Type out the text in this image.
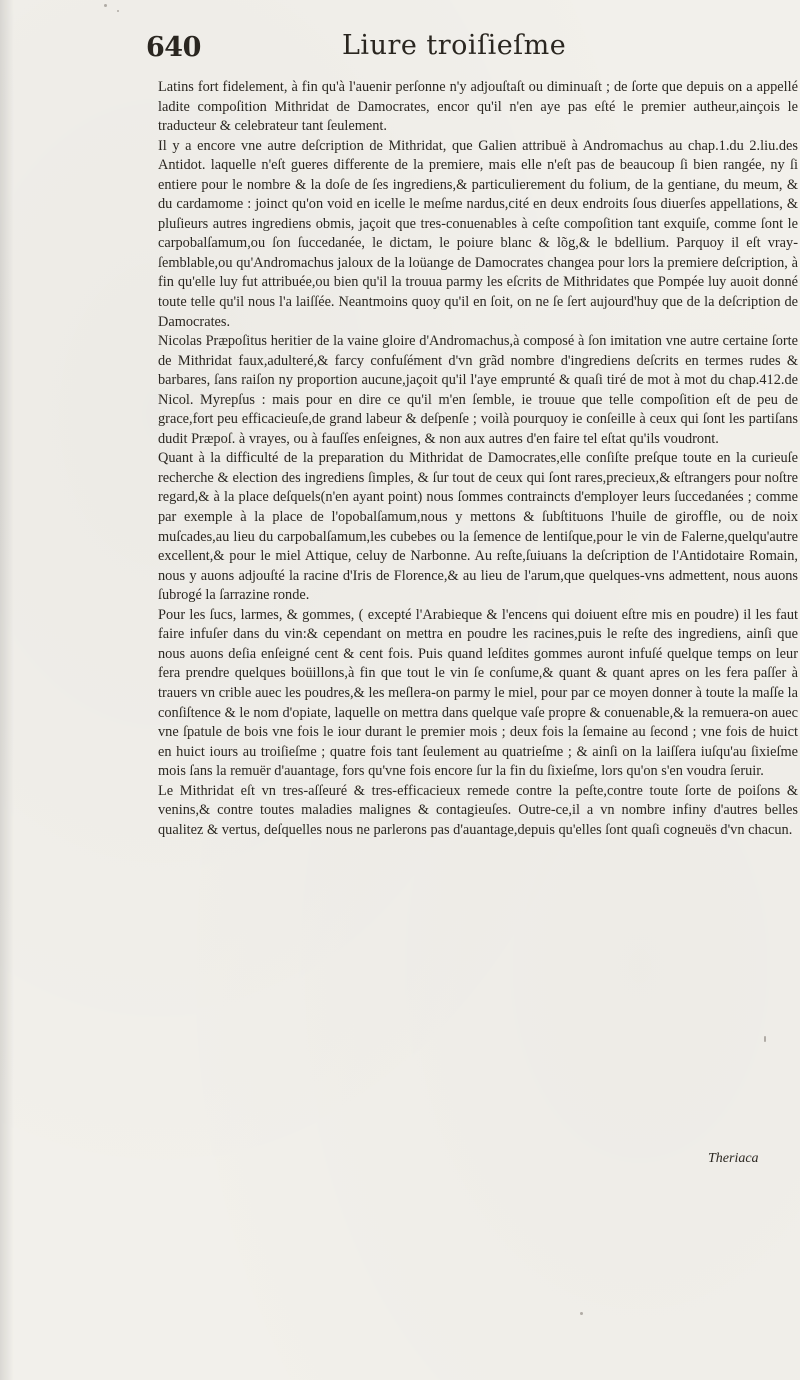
640	Liure troiſieſme

Latins fort fidelement, à fin qu'à l'auenir perſonne n'y adjouſtaſt ou diminuaſt ; de ſorte que depuis on a appellé ladite compoſition Mithridat de Damocrates, encor qu'il n'en aye pas eſté le premier autheur,ainçois le traducteur & celebrateur tant ſeulement.

Il y a encore vne autre deſcription de Mithridat, que Galien attribuë à Andromachus au chap.1.du 2.liu.des Antidot. laquelle n'eſt gueres differente de la premiere, mais elle n'eſt pas de beaucoup ſi bien rangée, ny ſi entiere pour le nombre & la doſe de ſes ingrediens,& particulierement du folium, de la gentiane, du meum, & du cardamome : joinct qu'on void en icelle le meſme nardus,cité en deux endroits ſous diuerſes appellations, & pluſieurs autres ingrediens obmis, jaçoit que tres-conuenables à ceſte compoſition tant exquiſe, comme ſont le carpobalſamum,ou ſon ſuccedanée, le dictam, le poiure blanc & lõg,& le bdellium. Parquoy il eſt vray-ſemblable,ou qu'Andromachus jaloux de la loüange de Damocrates changea pour lors la premiere deſcription, à fin qu'elle luy fut attribuée,ou bien qu'il la trouua parmy les eſcrits de Mithridates que Pompée luy auoit donné toute telle qu'il nous l'a laiſſée. Neantmoins quoy qu'il en ſoit, on ne ſe ſert aujourd'huy que de la deſcription de Damocrates.

Nicolas Præpoſitus heritier de la vaine gloire d'Andromachus,à composé à ſon imitation vne autre certaine ſorte de Mithridat faux,adulteré,& farcy confuſément d'vn grãd nombre d'ingrediens deſcrits en termes rudes & barbares, ſans raiſon ny proportion aucune,jaçoit qu'il l'aye emprunté & quaſi tiré de mot à mot du chap.412.de Nicol. Myrepſus : mais pour en dire ce qu'il m'en ſemble, ie trouue que telle compoſition eſt de peu de grace,fort peu efficacieuſe,de grand labeur & deſpenſe ; voilà pourquoy ie conſeille à ceux qui ſont les partiſans dudit Præpoſ. à vrayes, ou à fauſſes enſeignes, & non aux autres d'en faire tel eſtat qu'ils voudront.

Quant à la difficulté de la preparation du Mithridat de Damocrates,elle conſiſte preſque toute en la curieuſe recherche & election des ingrediens ſimples, & ſur tout de ceux qui ſont rares,precieux,& eſtrangers pour noſtre regard,& à la place deſquels(n'en ayant point) nous ſommes contraincts d'employer leurs ſuccedanées ; comme par exemple à la place de l'opobalſamum,nous y mettons & ſubſtituons l'huile de giroffle, ou de noix muſcades,au lieu du carpobalſamum,les cubebes ou la ſemence de lentiſque,pour le vin de Falerne,quelqu'autre excellent,& pour le miel Attique, celuy de Narbonne. Au reſte,ſuiuans la deſcription de l'Antidotaire Romain, nous y auons adjouſté la racine d'Iris de Florence,& au lieu de l'arum,que quelques-vns admettent, nous auons ſubrogé la ſarrazine ronde.

Pour les ſucs, larmes, & gommes, ( excepté l'Arabieque & l'encens qui doiuent eſtre mis en poudre) il les faut faire infuſer dans du vin:& cependant on mettra en poudre les racines,puis le reſte des ingrediens, ainſi que nous auons deſia enſeigné cent & cent fois. Puis quand leſdites gommes auront infuſé quelque temps on leur fera prendre quelques boüillons,à fin que tout le vin ſe conſume,& quant & quant apres on les fera paſſer à trauers vn crible auec les poudres,& les meſlera-on parmy le miel, pour par ce moyen donner à toute la maſſe la conſiſtence & le nom d'opiate, laquelle on mettra dans quelque vaſe propre & conuenable,& la remuera-on auec vne ſpatule de bois vne fois le iour durant le premier mois ; deux fois la ſemaine au ſecond ; vne fois de huict en huict iours au troiſieſme ; quatre fois tant ſeulement au quatrieſme ; & ainſi on la laiſſera iuſqu'au ſixieſme mois ſans la remuër d'auantage, fors qu'vne fois encore ſur la fin du ſixieſme, lors qu'on s'en voudra ſeruir.

Le Mithridat eſt vn tres-aſſeuré & tres-efficacieux remede contre la peſte,contre toute ſorte de poiſons & venins,& contre toutes maladies malignes & contagieuſes. Outre-ce,il a vn nombre infiny d'autres belles qualitez & vertus, deſquelles nous ne parlerons pas d'auantage,depuis qu'elles ſont quaſi cogneuës d'vn chacun.

Theriaca
